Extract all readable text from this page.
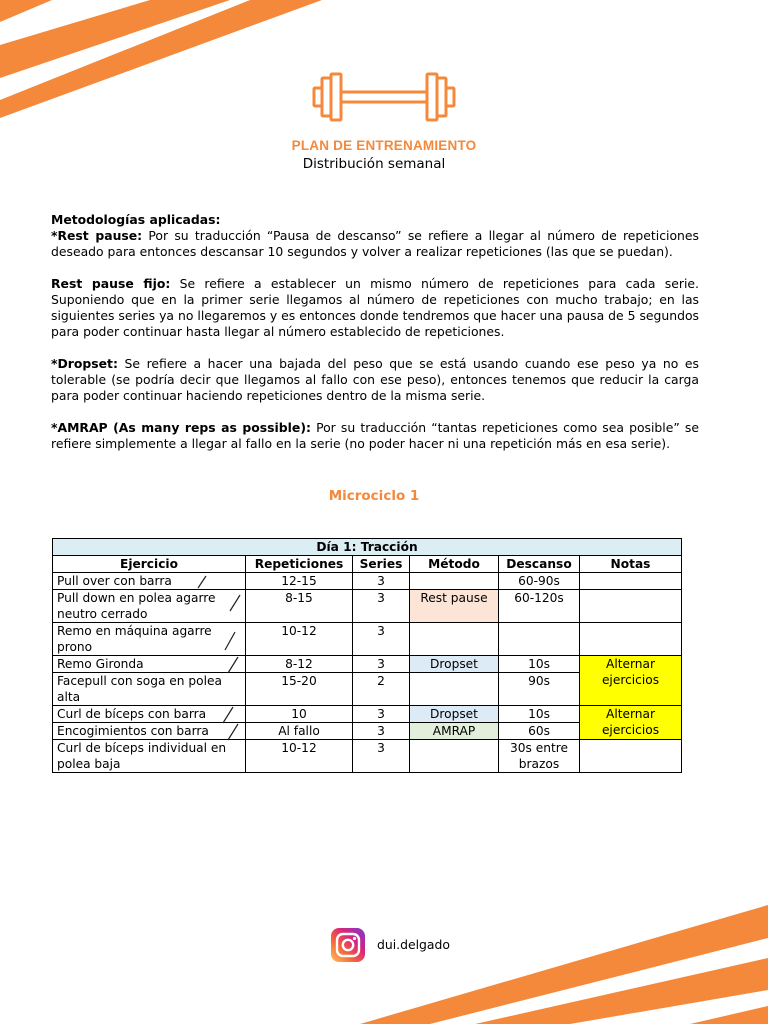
PLAN DE ENTRENAMIENTO
Distribución semanal
Metodologías aplicadas:

*Rest pause: Por su traducción “Pausa de descanso” se refiere a llegar al número de repeticiones deseado para entonces descansar 10 segundos y volver a realizar repeticiones (las que se puedan).

Rest pause fijo: Se refiere a establecer un mismo número de repeticiones para cada serie. Suponiendo que en la primer serie llegamos al número de repeticiones con mucho trabajo; en las siguientes series ya no llegaremos y es entonces donde tendremos que hacer una pausa de 5 segundos para poder continuar hasta llegar al número establecido de repeticiones.

*Dropset: Se refiere a hacer una bajada del peso que se está usando cuando ese peso ya no es tolerable (se podría decir que llegamos al fallo con ese peso), entonces tenemos que reducir la carga para poder continuar haciendo repeticiones dentro de la misma serie.

*AMRAP (As many reps as possible): Por su traducción “tantas repeticiones como sea posible” se refiere simplemente a llegar al fallo en la serie (no poder hacer ni una repetición más en esa serie).

Microciclo 1
Día 1: Tracción					
Ejercicio	Repeticiones	Series	Método	Descanso	Notas
Pull over con barra	12-15	3		60-90s	
Pull down en polea agarre neutro cerrado	8-15	3	Rest pause	60-120s	
Remo en máquina agarre prono	10-12	3			
Remo Gironda	8-12	3	Dropset	10s	Alternar ejercicios
Facepull con soga en polea alta	15-20	2		90s	
Curl de bíceps con barra	10	3	Dropset	10s	Alternar ejercicios
Encogimientos con barra	Al fallo	3	AMRAP	60s	
Curl de bíceps individual en polea baja	10-12	3		30s entre brazos	
dui.delgado
